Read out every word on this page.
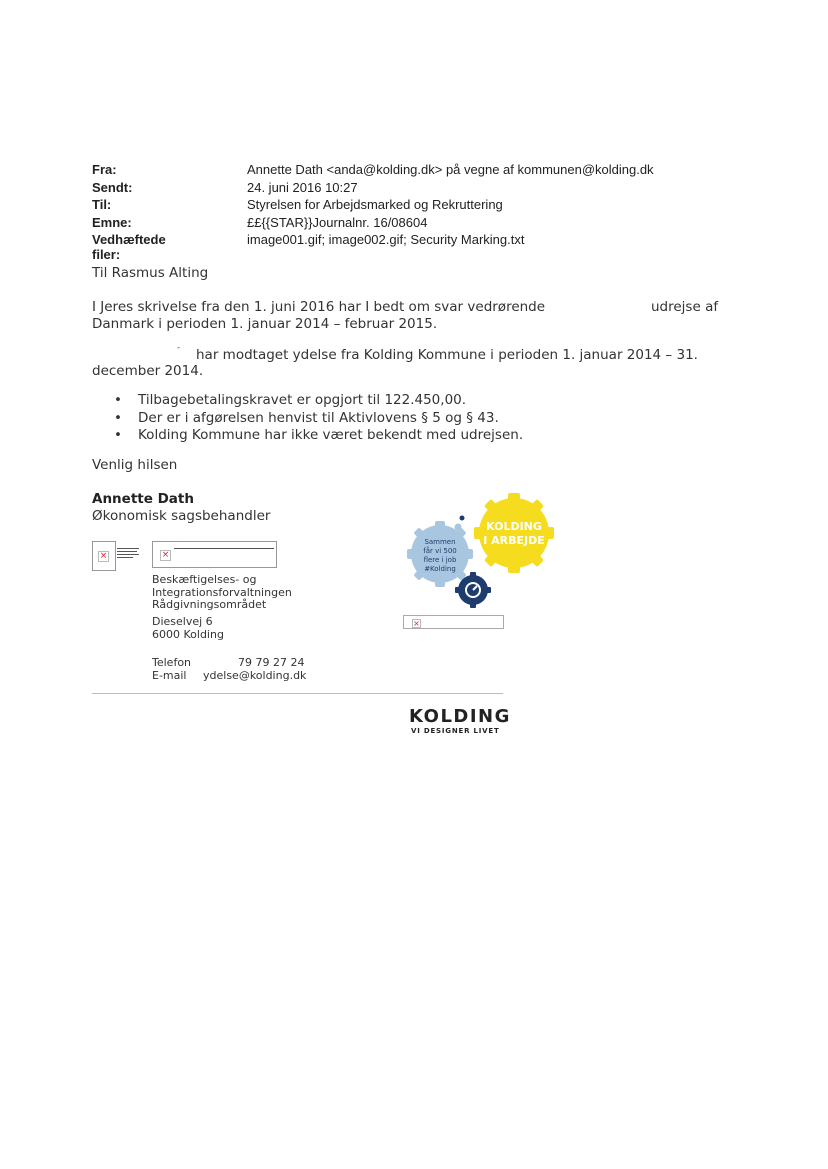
Fra:	Annette Dath <anda@kolding.dk> på vegne af kommunen@kolding.dk
Sendt:	24. juni 2016 10:27
Til:	Styrelsen for Arbejdsmarked og Rekruttering
Emne:	££{{STAR}}Journalnr. 16/08604
Vedhæftede filer:
image001.gif; image002.gif; Security Marking.txt
Til Rasmus Alting
I Jeres skrivelse fra den 1. juni 2016 har I bedt om svar vedrørende	udrejse af
Danmark i perioden 1. januar 2014 – februar 2015.
- har modtaget ydelse fra Kolding Kommune i perioden 1. januar 2014 – 31.
december 2014.
• Tilbagebetalingskravet er opgjort til 122.450,00.
• Der er i afgørelsen henvist til Aktivlovens § 5 og § 43.
• Kolding Kommune har ikke været bekendt med udrejsen.
Venlig hilsen
Annette Dath
Økonomisk sagsbehandler
×	×
Beskæftigelses- og
Integrationsforvaltningen
Rådgivningsområdet
Dieselvej 6
6000 Kolding
Telefon	79 79 27 24
E-mail ydelse@kolding.dk
KOLDING
I ARBEJDE
Sammen
får vi 500
flere i job
#Kolding
×
KOLDING
VI DESIGNER LIVET
